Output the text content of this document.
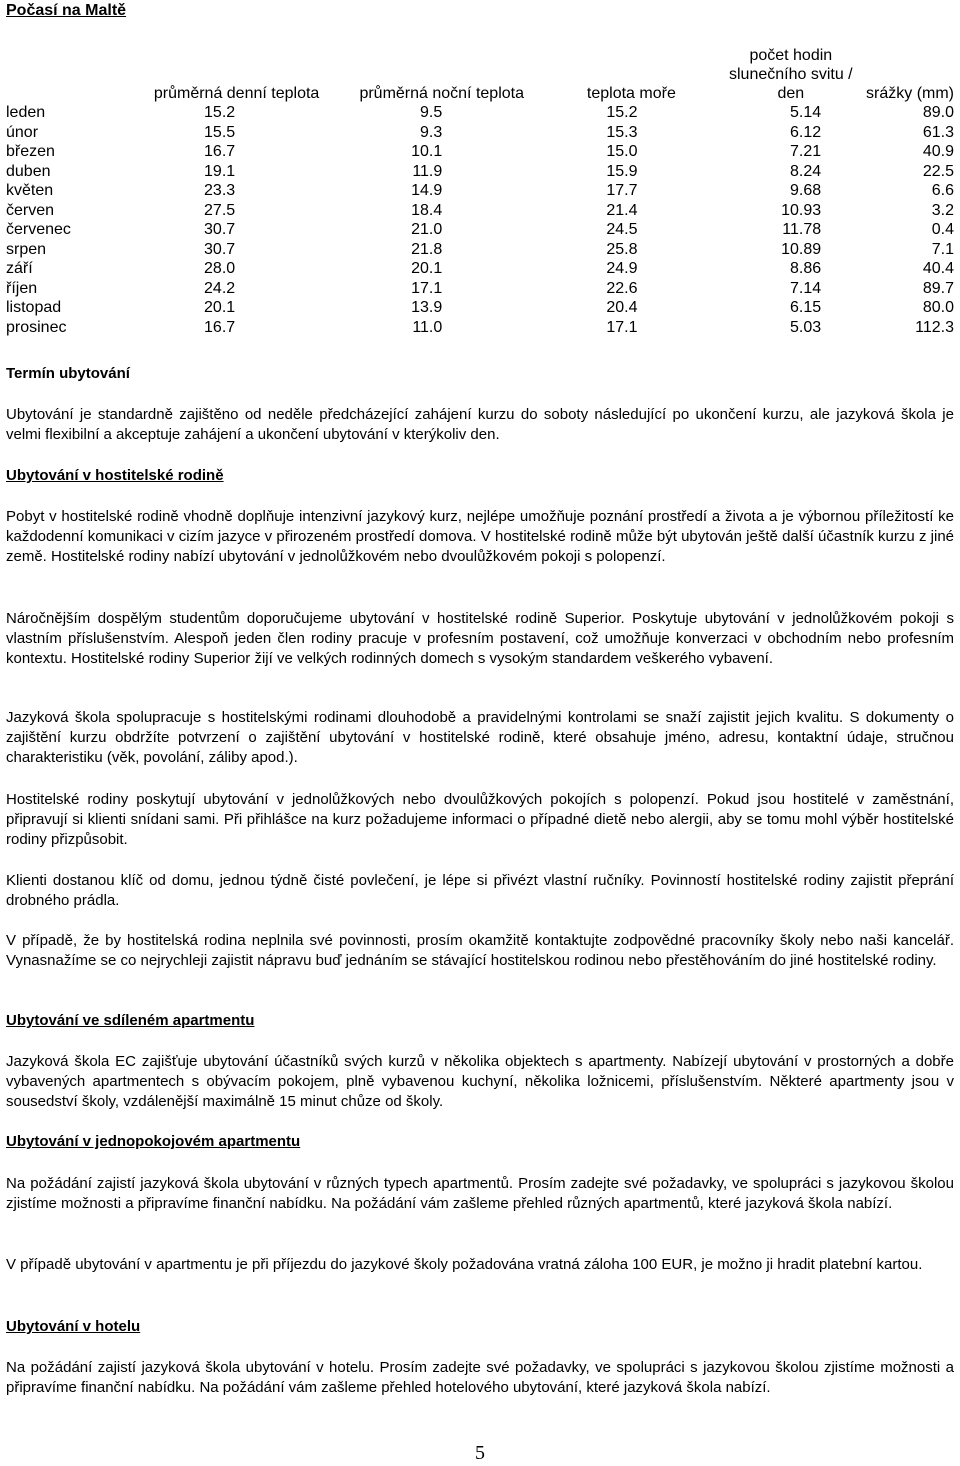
Počasí na Maltě
	průměrná denní teplota	průměrná noční teplota	teplota moře	počet hodin slunečního svitu / den	srážky (mm)
leden	15.2	9.5	15.2	5.14	89.0
únor	15.5	9.3	15.3	6.12	61.3
březen	16.7	10.1	15.0	7.21	40.9
duben	19.1	11.9	15.9	8.24	22.5
květen	23.3	14.9	17.7	9.68	6.6
červen	27.5	18.4	21.4	10.93	3.2
červenec	30.7	21.0	24.5	11.78	0.4
srpen	30.7	21.8	25.8	10.89	7.1
září	28.0	20.1	24.9	8.86	40.4
říjen	24.2	17.1	22.6	7.14	89.7
listopad	20.1	13.9	20.4	6.15	80.0
prosinec	16.7	11.0	17.1	5.03	112.3
Termín ubytování

Ubytování je standardně zajištěno od neděle předcházející zahájení kurzu do soboty následující po ukončení kurzu, ale jazyková škola je velmi flexibilní a akceptuje zahájení a ukončení ubytování v kterýkoliv den.

Ubytování v hostitelské rodině

Pobyt v hostitelské rodině vhodně doplňuje intenzivní jazykový kurz, nejlépe umožňuje poznání prostředí a života a je výbornou příležitostí ke každodenní komunikaci v cizím jazyce v přirozeném prostředí domova. V hostitelské rodině může být ubytován ještě další účastník kurzu z jiné země. Hostitelské rodiny nabízí ubytování v jednolůžkovém nebo dvoulůžkovém pokoji s polopenzí.

Náročnějším dospělým studentům doporučujeme ubytování v hostitelské rodině Superior. Poskytuje ubytování v jednolůžkovém pokoji s vlastním příslušenstvím. Alespoň jeden člen rodiny pracuje v profesním postavení, což umožňuje konverzaci v obchodním nebo profesním kontextu. Hostitelské rodiny Superior žijí ve velkých rodinných domech s vysokým standardem veškerého vybavení.

Jazyková škola spolupracuje s hostitelskými rodinami dlouhodobě a pravidelnými kontrolami se snaží zajistit jejich kvalitu. S dokumenty o zajištění kurzu obdržíte potvrzení o zajištění ubytování v hostitelské rodině, které obsahuje jméno, adresu, kontaktní údaje, stručnou charakteristiku (věk, povolání, záliby apod.).

Hostitelské rodiny poskytují ubytování v jednolůžkových nebo dvoulůžkových pokojích s polopenzí. Pokud jsou hostitelé v zaměstnání, připravují si klienti snídani sami. Při přihlášce na kurz požadujeme informaci o případné dietě nebo alergii, aby se tomu mohl výběr hostitelské rodiny přizpůsobit.

Klienti dostanou klíč od domu, jednou týdně čisté povlečení, je lépe si přivézt vlastní ručníky. Povinností hostitelské rodiny zajistit přeprání drobného prádla.

V případě, že by hostitelská rodina neplnila své povinnosti, prosím okamžitě kontaktujte zodpovědné pracovníky školy nebo naši kancelář. Vynasnažíme se co nejrychleji zajistit nápravu buď jednáním se stávající hostitelskou rodinou nebo přestěhováním do jiné hostitelské rodiny.

Ubytování ve sdíleném apartmentu

Jazyková škola EC zajišťuje ubytování účastníků svých kurzů v několika objektech s apartmenty. Nabízejí ubytování v prostorných a dobře vybavených apartmentech s obývacím pokojem, plně vybavenou kuchyní, několika ložnicemi, příslušenstvím. Některé apartmenty jsou v sousedství školy, vzdálenější maximálně 15 minut chůze od školy.

Ubytování v jednopokojovém apartmentu

Na požádání zajistí jazyková škola ubytování v různých typech apartmentů. Prosím zadejte své požadavky, ve spolupráci s jazykovou školou zjistíme možnosti a připravíme finanční nabídku. Na požádání vám zašleme přehled různých apartmentů, které jazyková škola nabízí.

V případě ubytování v apartmentu je při příjezdu do jazykové školy požadována vratná záloha 100 EUR, je možno ji hradit platební kartou.

Ubytování v hotelu

Na požádání zajistí jazyková škola ubytování v hotelu. Prosím zadejte své požadavky, ve spolupráci s jazykovou školou zjistíme možnosti a připravíme finanční nabídku. Na požádání vám zašleme přehled hotelového ubytování, které jazyková škola nabízí.

5
